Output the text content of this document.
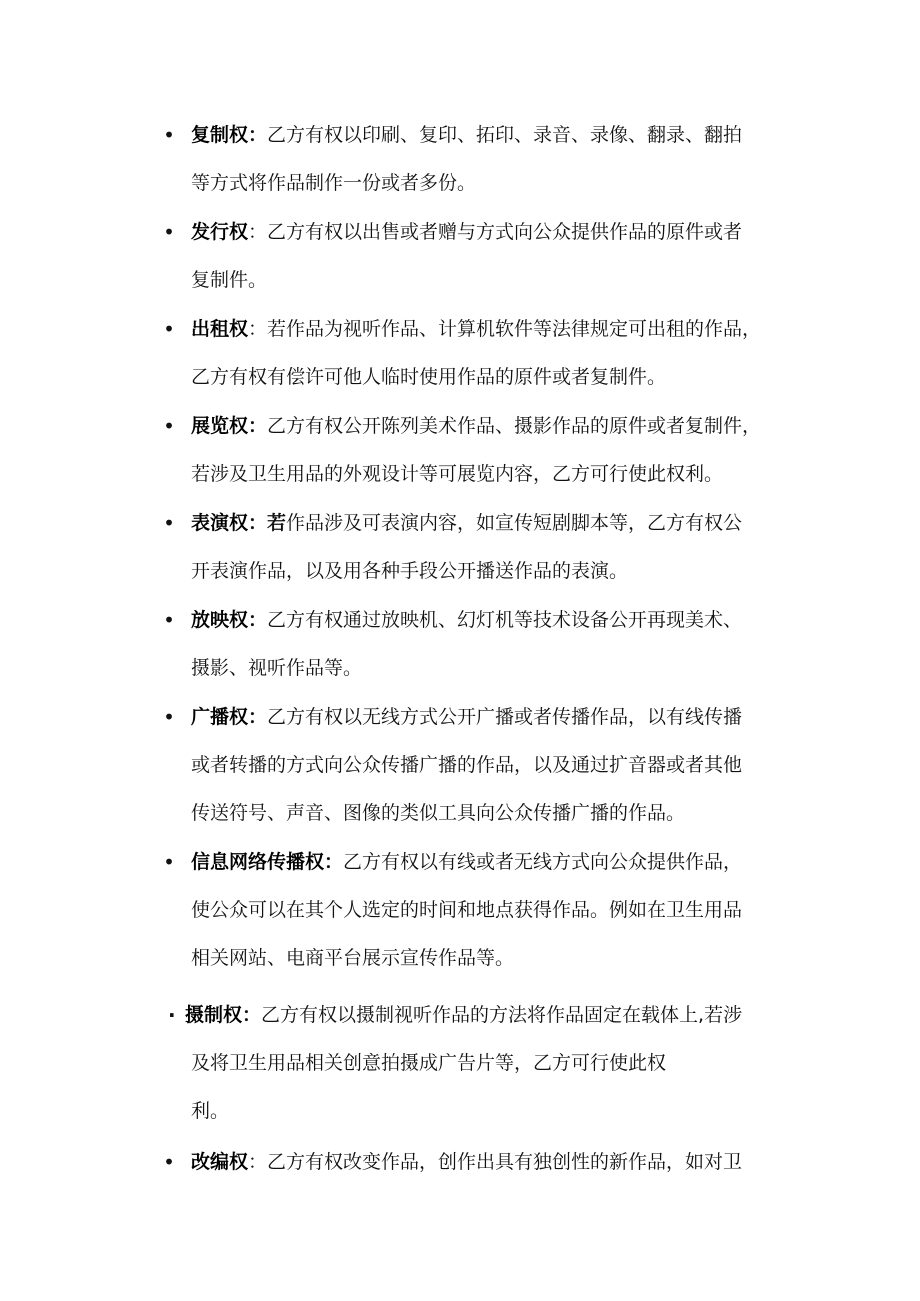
• 复制权：乙方有权以印刷、复印、拓印、录音、录像、翻录、翻拍
等方式将作品制作一份或者多份。
• 发行权：乙方有权以出售或者赠与方式向公众提供作品的原件或者
复制件。
• 出租权：若作品为视听作品、计算机软件等法律规定可出租的作品，
乙方有权有偿许可他人临时使用作品的原件或者复制件。
• 展览权：乙方有权公开陈列美术作品、摄影作品的原件或者复制件，
若涉及卫生用品的外观设计等可展览内容，乙方可行使此权利。
• 表演权：若作品涉及可表演内容，如宣传短剧脚本等，乙方有权公
开表演作品，以及用各种手段公开播送作品的表演。
• 放映权：乙方有权通过放映机、幻灯机等技术设备公开再现美术、
摄影、视听作品等。
• 广播权：乙方有权以无线方式公开广播或者传播作品，以有线传播
或者转播的方式向公众传播广播的作品，以及通过扩音器或者其他
传送符号、声音、图像的类似工具向公众传播广播的作品。
• 信息网络传播权：乙方有权以有线或者无线方式向公众提供作品，
使公众可以在其个人选定的时间和地点获得作品。例如在卫生用品
相关网站、电商平台展示宣传作品等。
· 摄制权：乙方有权以摄制视听作品的方法将作品固定在载体上,若涉
及将卫生用品相关创意拍摄成广告片等，乙方可行使此权
利。
• 改编权：乙方有权改变作品，创作出具有独创性的新作品，如对卫
